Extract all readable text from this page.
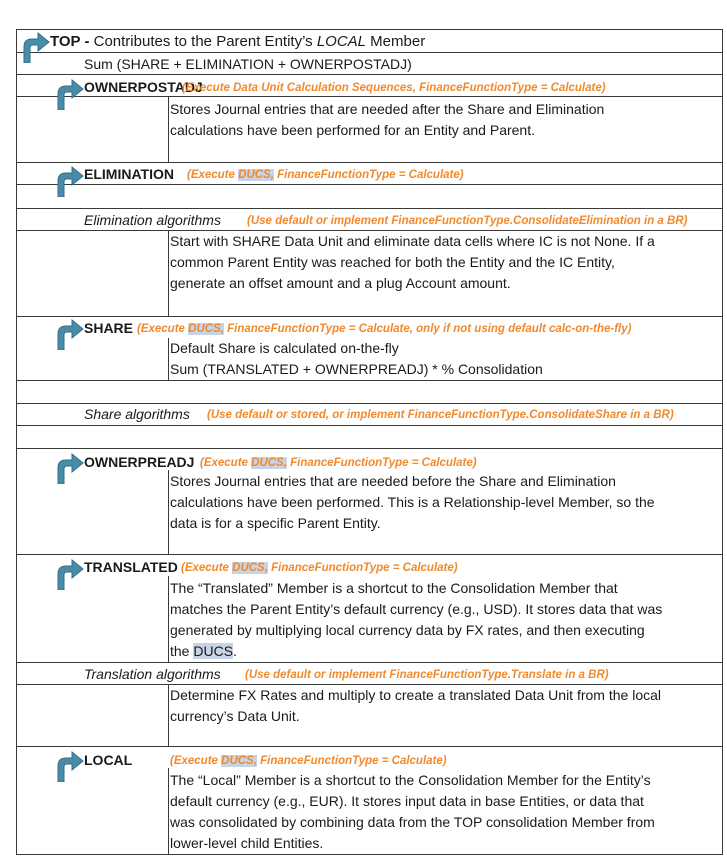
TOP - Contributes to the Parent Entity’s LOCAL Member
Sum (SHARE + ELIMINATION + OWNERPOSTADJ)
OWNERPOSTADJ
(Execute Data Unit Calculation Sequences, FinanceFunctionType = Calculate)
Stores Journal entries that are needed after the Share and Elimination
calculations have been performed for an Entity and Parent.
ELIMINATION (Execute DUCS, FinanceFunctionType = Calculate)
Elimination algorithms (Use default or implement FinanceFunctionType.ConsolidateElimination in a BR)
Start with SHARE Data Unit and eliminate data cells where IC is not None. If a
common Parent Entity was reached for both the Entity and the IC Entity,
generate an offset amount and a plug Account amount.
SHARE (Execute DUCS, FinanceFunctionType = Calculate, only if not using default calc-on-the-fly)
Default Share is calculated on-the-fly
Sum (TRANSLATED + OWNERPREADJ) * % Consolidation
Share algorithms (Use default or stored, or implement FinanceFunctionType.ConsolidateShare in a BR)
OWNERPREADJ (Execute DUCS, FinanceFunctionType = Calculate)
Stores Journal entries that are needed before the Share and Elimination
calculations have been performed. This is a Relationship-level Member, so the
data is for a specific Parent Entity.
TRANSLATED (Execute DUCS, FinanceFunctionType = Calculate)
The “Translated” Member is a shortcut to the Consolidation Member that
matches the Parent Entity’s default currency (e.g., USD). It stores data that was
generated by multiplying local currency data by FX rates, and then executing
the DUCS.
Translation algorithms (Use default or implement FinanceFunctionType.Translate in a BR)
Determine FX Rates and multiply to create a translated Data Unit from the local
currency’s Data Unit.
LOCAL	(Execute DUCS, FinanceFunctionType = Calculate)
The “Local” Member is a shortcut to the Consolidation Member for the Entity’s
default currency (e.g., EUR). It stores input data in base Entities, or data that
was consolidated by combining data from the TOP consolidation Member from
lower-level child Entities.
